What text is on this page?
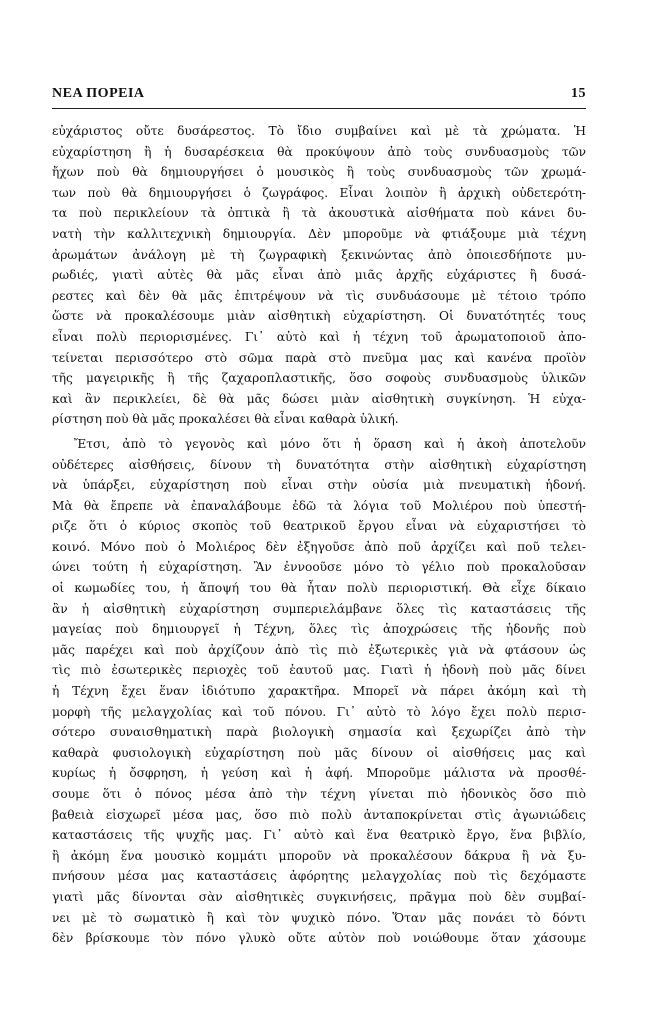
ΝΕΑ ΠΟΡΕΙΑ	15
εὐχάριστος οὔτε δυσάρεστος. Τὸ ἴδιο συμβαίνει καὶ μὲ τὰ χρώματα. Ἡ
εὐχαρίστηση ἢ ἡ δυσαρέσκεια θὰ προκύψουν ἀπὸ τοὺς συνδυασμοὺς τῶν
ἤχων ποὺ θὰ δημιουργήσει ὁ μουσικὸς ἢ τοὺς συνδυασμοὺς τῶν χρωμά-
των ποὺ θὰ δημιουργήσει ὁ ζωγράφος. Εἶναι λοιπὸν ἢ ἀρχικὴ οὐδετερότη-
τα ποὺ περικλείουν τὰ ὀπτικὰ ἢ τὰ ἀκουστικὰ αἰσθήματα ποὺ κάνει δυ-
νατὴ τὴν καλλιτεχνικὴ δημιουργία. Δὲν μποροῦμε νὰ φτιάξουμε μιὰ τέχνη
ἀρωμάτων ἀνάλογη μὲ τὴ ζωγραφικὴ ξεκινώντας ἀπὸ ὁποιεσδήποτε μυ-
ρωδιές, γιατὶ αὐτὲς θὰ μᾶς εἶναι ἀπὸ μιᾶς ἀρχῆς εὐχάριστες ἢ δυσά-
ρεστες καὶ δὲν θὰ μᾶς ἐπιτρέψουν νὰ τὶς συνδυάσουμε μὲ τέτοιο τρόπο
ὥστε νὰ προκαλέσουμε μιὰν αἰσθητικὴ εὐχαρίστηση. Οἱ δυνατότητές τους
εἶναι πολὺ περιορισμένες. Γι᾽ αὐτὸ καὶ ἡ τέχνη τοῦ ἀρωματοποιοῦ ἀπο-
τείνεται περισσότερο στὸ σῶμα παρὰ στὸ πνεῦμα μας καὶ κανένα προϊὸν
τῆς μαγειρικῆς ἢ τῆς ζαχαροπλαστικῆς, ὅσο σοφοὺς συνδυασμοὺς ὑλικῶν
καὶ ἂν περικλείει, δὲ θὰ μᾶς δώσει μιὰν αἰσθητικὴ συγκίνηση. Ἡ εὐχα-
ρίστηση ποὺ θὰ μᾶς προκαλέσει θὰ εἶναι καθαρὰ ὑλική.
Ἔτσι, ἀπὸ τὸ γεγονὸς καὶ μόνο ὅτι ἡ ὅραση καὶ ἡ ἀκοὴ ἀποτελοῦν
οὐδέτερες αἰσθήσεις, δίνουν τὴ δυνατότητα στὴν αἰσθητικὴ εὐχαρίστηση
νὰ ὑπάρξει, εὐχαρίστηση ποὺ εἶναι στὴν οὐσία μιὰ πνευματικὴ ἡδονή.
Μὰ θὰ ἔπρεπε νὰ ἐπαναλάβουμε ἐδῶ τὰ λόγια τοῦ Μολιέρου ποὺ ὑπεστή-
ριζε ὅτι ὁ κύριος σκοπὸς τοῦ θεατρικοῦ ἔργου εἶναι νὰ εὐχαριστήσει τὸ
κοινό. Μόνο ποὺ ὁ Μολιέρος δὲν ἐξηγοῦσε ἀπὸ ποῦ ἀρχίζει καὶ ποῦ τελει-
ώνει τούτη ἡ εὐχαρίστηση. Ἂν ἐννοοῦσε μόνο τὸ γέλιο ποὺ προκαλοῦσαν
οἱ κωμωδίες του, ἡ ἄποψή του θὰ ἦταν πολὺ περιοριστική. Θὰ εἶχε δίκαιο
ἂν ἡ αἰσθητικὴ εὐχαρίστηση συμπεριελάμβανε ὅλες τὶς καταστάσεις τῆς
μαγείας ποὺ δημιουργεῖ ἡ Τέχνη, ὅλες τὶς ἀποχρώσεις τῆς ἡδονῆς ποὺ
μᾶς παρέχει καὶ ποὺ ἀρχίζουν ἀπὸ τὶς πιὸ ἐξωτερικὲς γιὰ νὰ φτάσουν ὡς
τὶς πιὸ ἐσωτερικὲς περιοχὲς τοῦ ἑαυτοῦ μας. Γιατὶ ἡ ἡδονὴ ποὺ μᾶς δίνει
ἡ Τέχνη ἔχει ἕναν ἰδιότυπο χαρακτῆρα. Μπορεῖ νὰ πάρει ἀκόμη καὶ τὴ
μορφὴ τῆς μελαγχολίας καὶ τοῦ πόνου. Γι᾽ αὐτὸ τὸ λόγο ἔχει πολὺ περισ-
σότερο συναισθηματικὴ παρὰ βιολογικὴ σημασία καὶ ξεχωρίζει ἀπὸ τὴν
καθαρὰ φυσιολογικὴ εὐχαρίστηση ποὺ μᾶς δίνουν οἱ αἰσθήσεις μας καὶ
κυρίως ἡ ὄσφρηση, ἡ γεύση καὶ ἡ ἀφή. Μποροῦμε μάλιστα νὰ προσθέ-
σουμε ὅτι ὁ πόνος μέσα ἀπὸ τὴν τέχνη γίνεται πιὸ ἡδονικὸς ὅσο πιὸ
βαθειὰ εἰσχωρεῖ μέσα μας, ὅσο πιὸ πολὺ ἀνταποκρίνεται στὶς ἀγωνιώδεις
καταστάσεις τῆς ψυχῆς μας. Γι᾽ αὐτὸ καὶ ἕνα θεατρικὸ ἔργο, ἕνα βιβλίο,
ἢ ἀκόμη ἕνα μουσικὸ κομμάτι μποροῦν νὰ προκαλέσουν δάκρυα ἢ νὰ ξυ-
πνήσουν μέσα μας καταστάσεις ἀφόρητης μελαγχολίας ποὺ τὶς δεχόμαστε
γιατὶ μᾶς δίνονται σὰν αἰσθητικὲς συγκινήσεις, πρᾶγμα ποὺ δὲν συμβαί-
νει μὲ τὸ σωματικὸ ἢ καὶ τὸν ψυχικὸ πόνο. Ὅταν μᾶς πονάει τὸ δόντι
δὲν βρίσκουμε τὸν πόνο γλυκὸ οὔτε αὐτὸν ποὺ νοιώθουμε ὅταν χάσουμε
